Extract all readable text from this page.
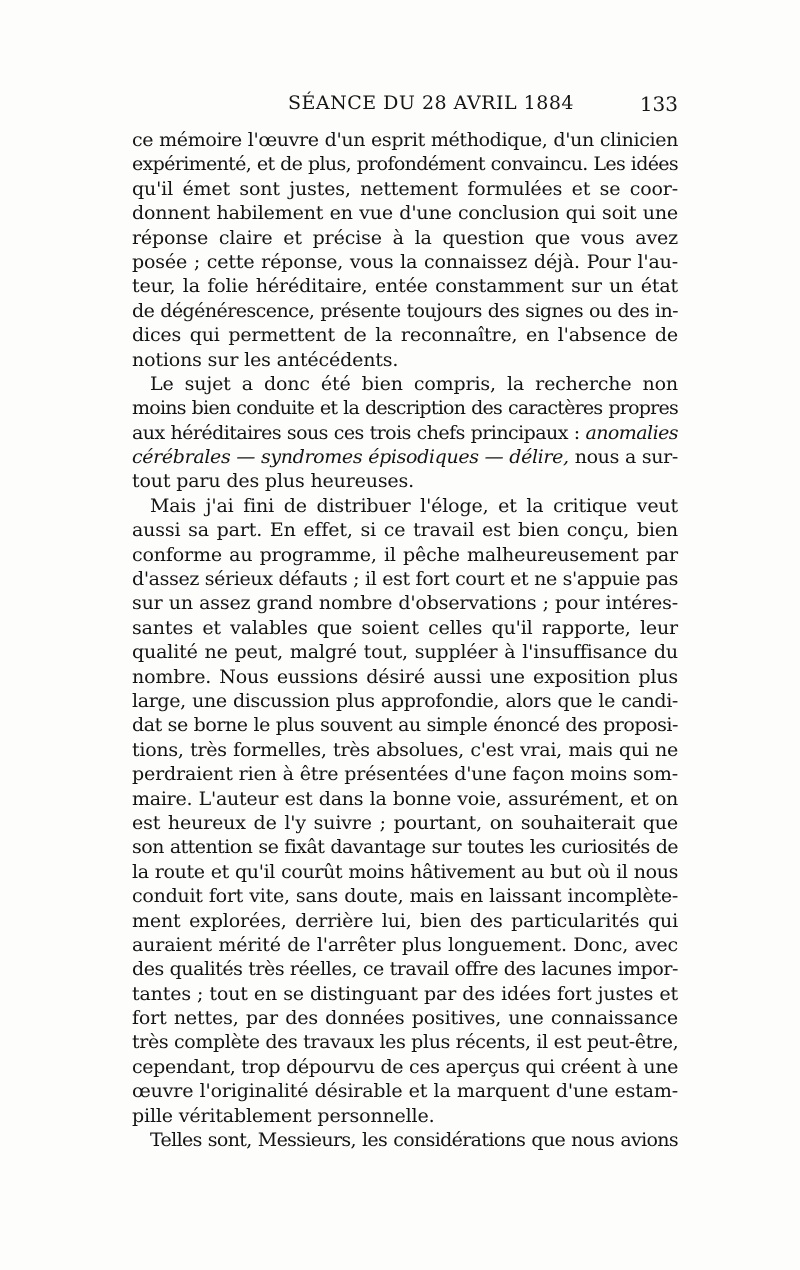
SÉANCE DU 28 AVRIL 1884	133
ce mémoire l'œuvre d'un esprit méthodique, d'un clinicien
expérimenté, et de plus, profondément convaincu. Les idées
qu'il émet sont justes, nettement formulées et se coor-
donnent habilement en vue d'une conclusion qui soit une
réponse claire et précise à la question que vous avez
posée ; cette réponse, vous la connaissez déjà. Pour l'au-
teur, la folie héréditaire, entée constamment sur un état
de dégénérescence, présente toujours des signes ou des in-
dices qui permettent de la reconnaître, en l'absence de
notions sur les antécédents.
Le sujet a donc été bien compris, la recherche non
moins bien conduite et la description des caractères propres
aux héréditaires sous ces trois chefs principaux : anomalies
cérébrales — syndromes épisodiques — délire, nous a sur-
tout paru des plus heureuses.
Mais j'ai fini de distribuer l'éloge, et la critique veut
aussi sa part. En effet, si ce travail est bien conçu, bien
conforme au programme, il pêche malheureusement par
d'assez sérieux défauts ; il est fort court et ne s'appuie pas
sur un assez grand nombre d'observations ; pour intéres-
santes et valables que soient celles qu'il rapporte, leur
qualité ne peut, malgré tout, suppléer à l'insuffisance du
nombre. Nous eussions désiré aussi une exposition plus
large, une discussion plus approfondie, alors que le candi-
dat se borne le plus souvent au simple énoncé des proposi-
tions, très formelles, très absolues, c'est vrai, mais qui ne
perdraient rien à être présentées d'une façon moins som-
maire. L'auteur est dans la bonne voie, assurément, et on
est heureux de l'y suivre ; pourtant, on souhaiterait que
son attention se fixât davantage sur toutes les curiosités de
la route et qu'il courût moins hâtivement au but où il nous
conduit fort vite, sans doute, mais en laissant incomplète-
ment explorées, derrière lui, bien des particularités qui
auraient mérité de l'arrêter plus longuement. Donc, avec
des qualités très réelles, ce travail offre des lacunes impor-
tantes ; tout en se distinguant par des idées fort justes et
fort nettes, par des données positives, une connaissance
très complète des travaux les plus récents, il est peut-être,
cependant, trop dépourvu de ces aperçus qui créent à une
œuvre l'originalité désirable et la marquent d'une estam-
pille véritablement personnelle.
Telles sont, Messieurs, les considérations que nous avions
